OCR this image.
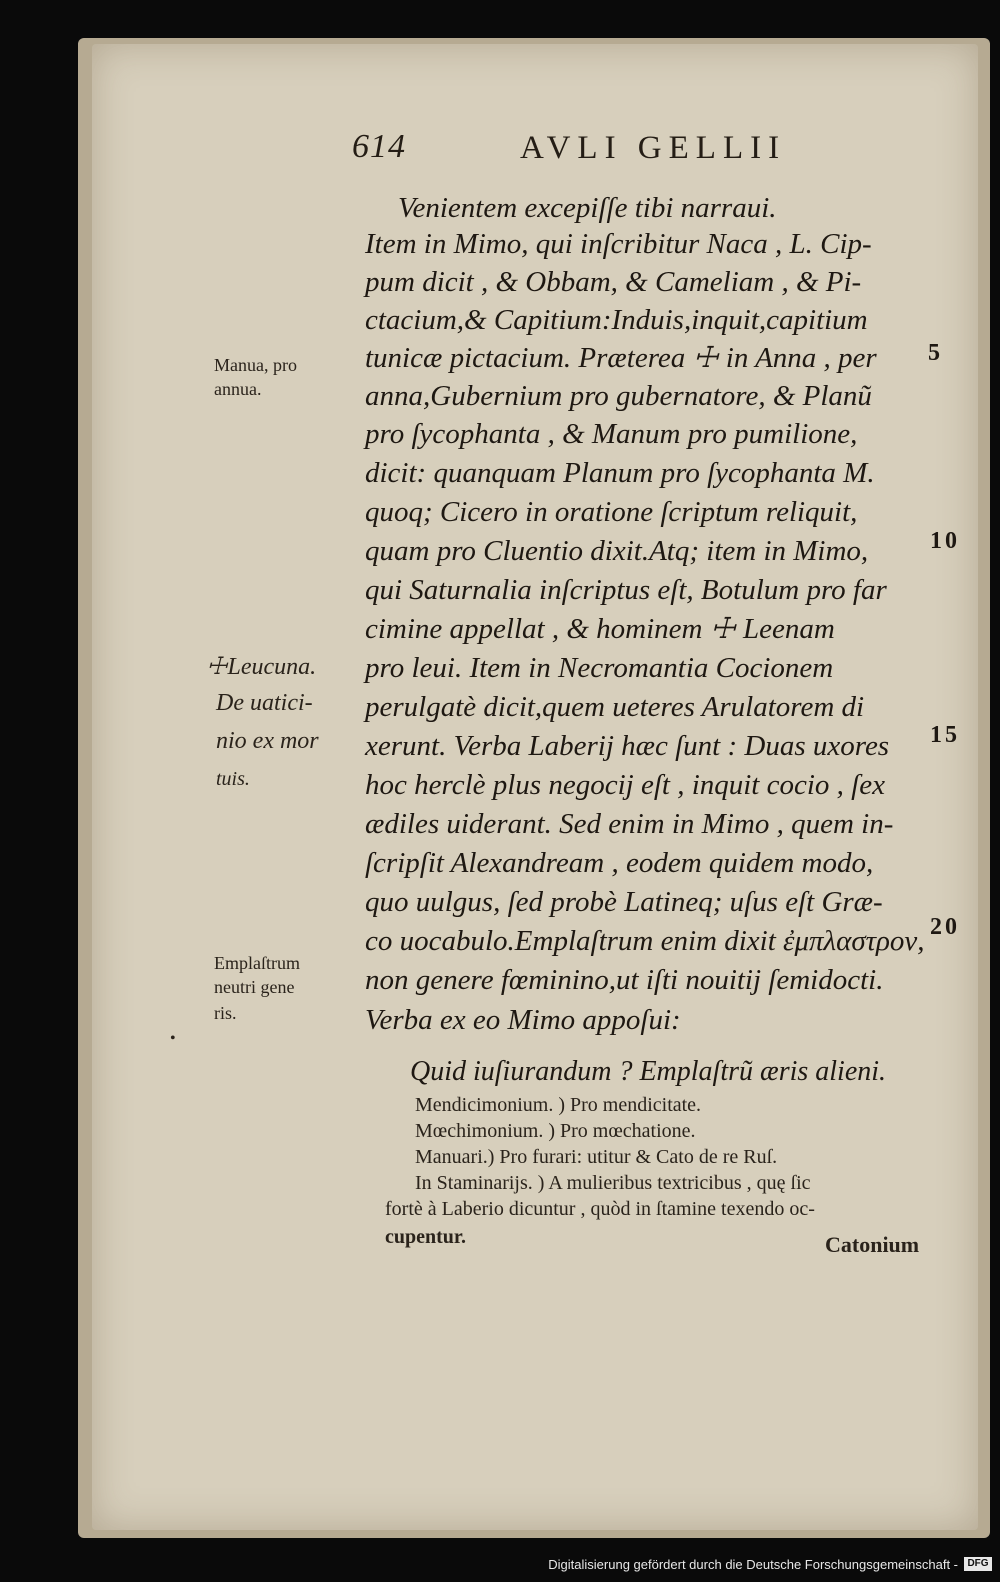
614	AVLI GELLII
Venientem excepiſſe tibi narraui.
Item in Mimo, qui inſcribitur Naca , L. Cip-
pum dicit , & Obbam, & Cameliam , & Pi-
ctacium,& Capitium:Induis,inquit,capitium
tunicæ pictacium. Præterea ☩ in Anna , per
anna,Gubernium pro gubernatore, & Planũ
pro ſycophanta , & Manum pro pumilione,
dicit: quanquam Planum pro ſycophanta M.
quoq; Cicero in oratione ſcriptum reliquit,
quam pro Cluentio dixit.Atq; item in Mimo,
qui Saturnalia inſcriptus eſt, Botulum pro far
cimine appellat , & hominem ☩ Leenam
pro leui. Item in Necromantia Cocionem
perulgatè dicit,quem ueteres Arulatorem di
xerunt. Verba Laberij hæc ſunt : Duas uxores
hoc herclè plus negocij eſt , inquit cocio , ſex
ædiles uiderant. Sed enim in Mimo , quem in-
ſcripſit Alexandream , eodem quidem modo,
quo uulgus, ſed probè Latineq; uſus eſt Græ-
co uocabulo.Emplaſtrum enim dixit ἐμπλαστρον,
non genere fœminino,ut iſti nouitij ſemidocti.
Verba ex eo Mimo appoſui:
5
10
15
20
Manua, pro
annua.
☩Leucuna.
De uatici-
nio ex mor
tuis.
Emplaſtrum
neutri gene
ris.
•
Quid iuſiurandum ? Emplaſtrũ æris alieni.
Mendicimonium. ) Pro mendicitate.
Mœchimonium. ) Pro mœchatione.
Manuari.) Pro furari: utitur & Cato de re Ruſ.
In Staminarijs. ) A mulieribus textricibus , quę ſic
fortè à Laberio dicuntur , quòd in ſtamine texendo oc-
cupentur.	Catonium
Digitalisierung gefördert durch die Deutsche Forschungsgemeinschaft - DFG
